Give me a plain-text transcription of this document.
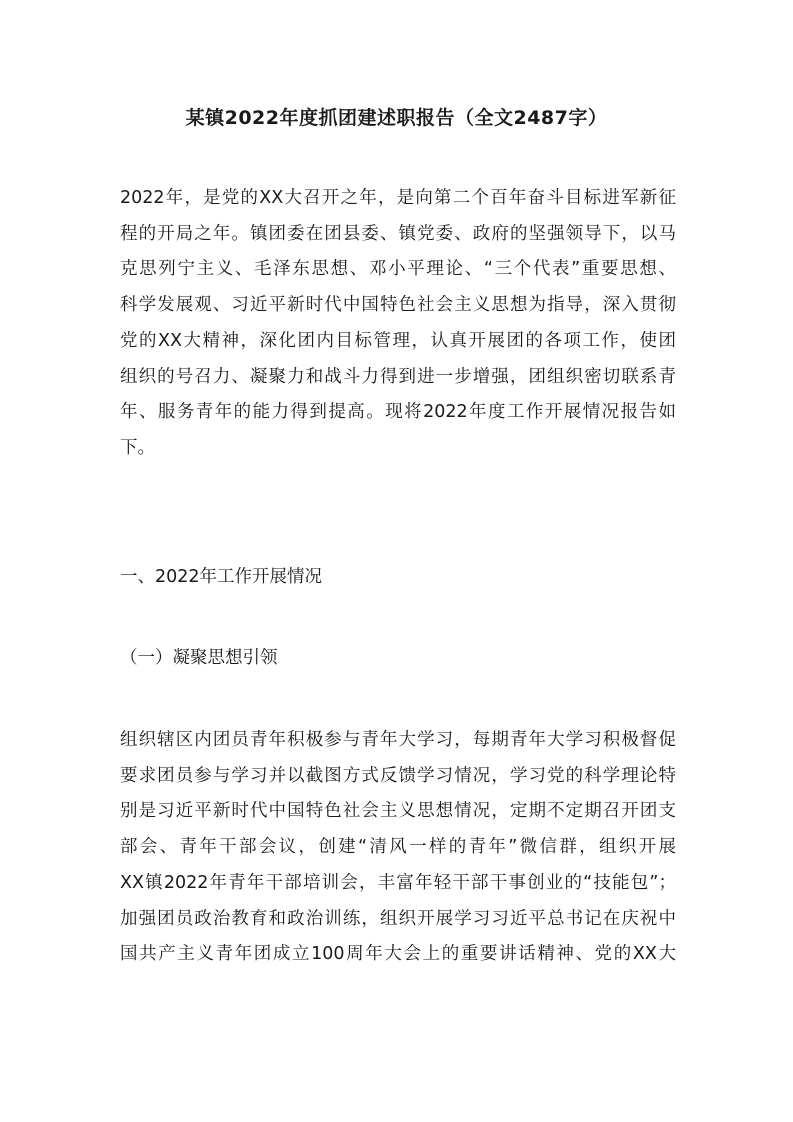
某镇2022年度抓团建述职报告（全文2487字）
2022年，是党的XX大召开之年，是向第二个百年奋斗目标进军新征
程的开局之年。镇团委在团县委、镇党委、政府的坚强领导下，以马
克思列宁主义、毛泽东思想、邓小平理论、“三个代表”重要思想、
科学发展观、习近平新时代中国特色社会主义思想为指导，深入贯彻
党的XX大精神，深化团内目标管理，认真开展团的各项工作，使团
组织的号召力、凝聚力和战斗力得到进一步增强，团组织密切联系青
年、服务青年的能力得到提高。现将2022年度工作开展情况报告如
下。
一、2022年工作开展情况
（一）凝聚思想引领
组织辖区内团员青年积极参与青年大学习，每期青年大学习积极督促
要求团员参与学习并以截图方式反馈学习情况，学习党的科学理论特
别是习近平新时代中国特色社会主义思想情况，定期不定期召开团支
部会、青年干部会议，创建“清风一样的青年”微信群，组织开展
XX镇2022年青年干部培训会，丰富年轻干部干事创业的“技能包”；
加强团员政治教育和政治训练，组织开展学习习近平总书记在庆祝中
国共产主义青年团成立100周年大会上的重要讲话精神、党的XX大
